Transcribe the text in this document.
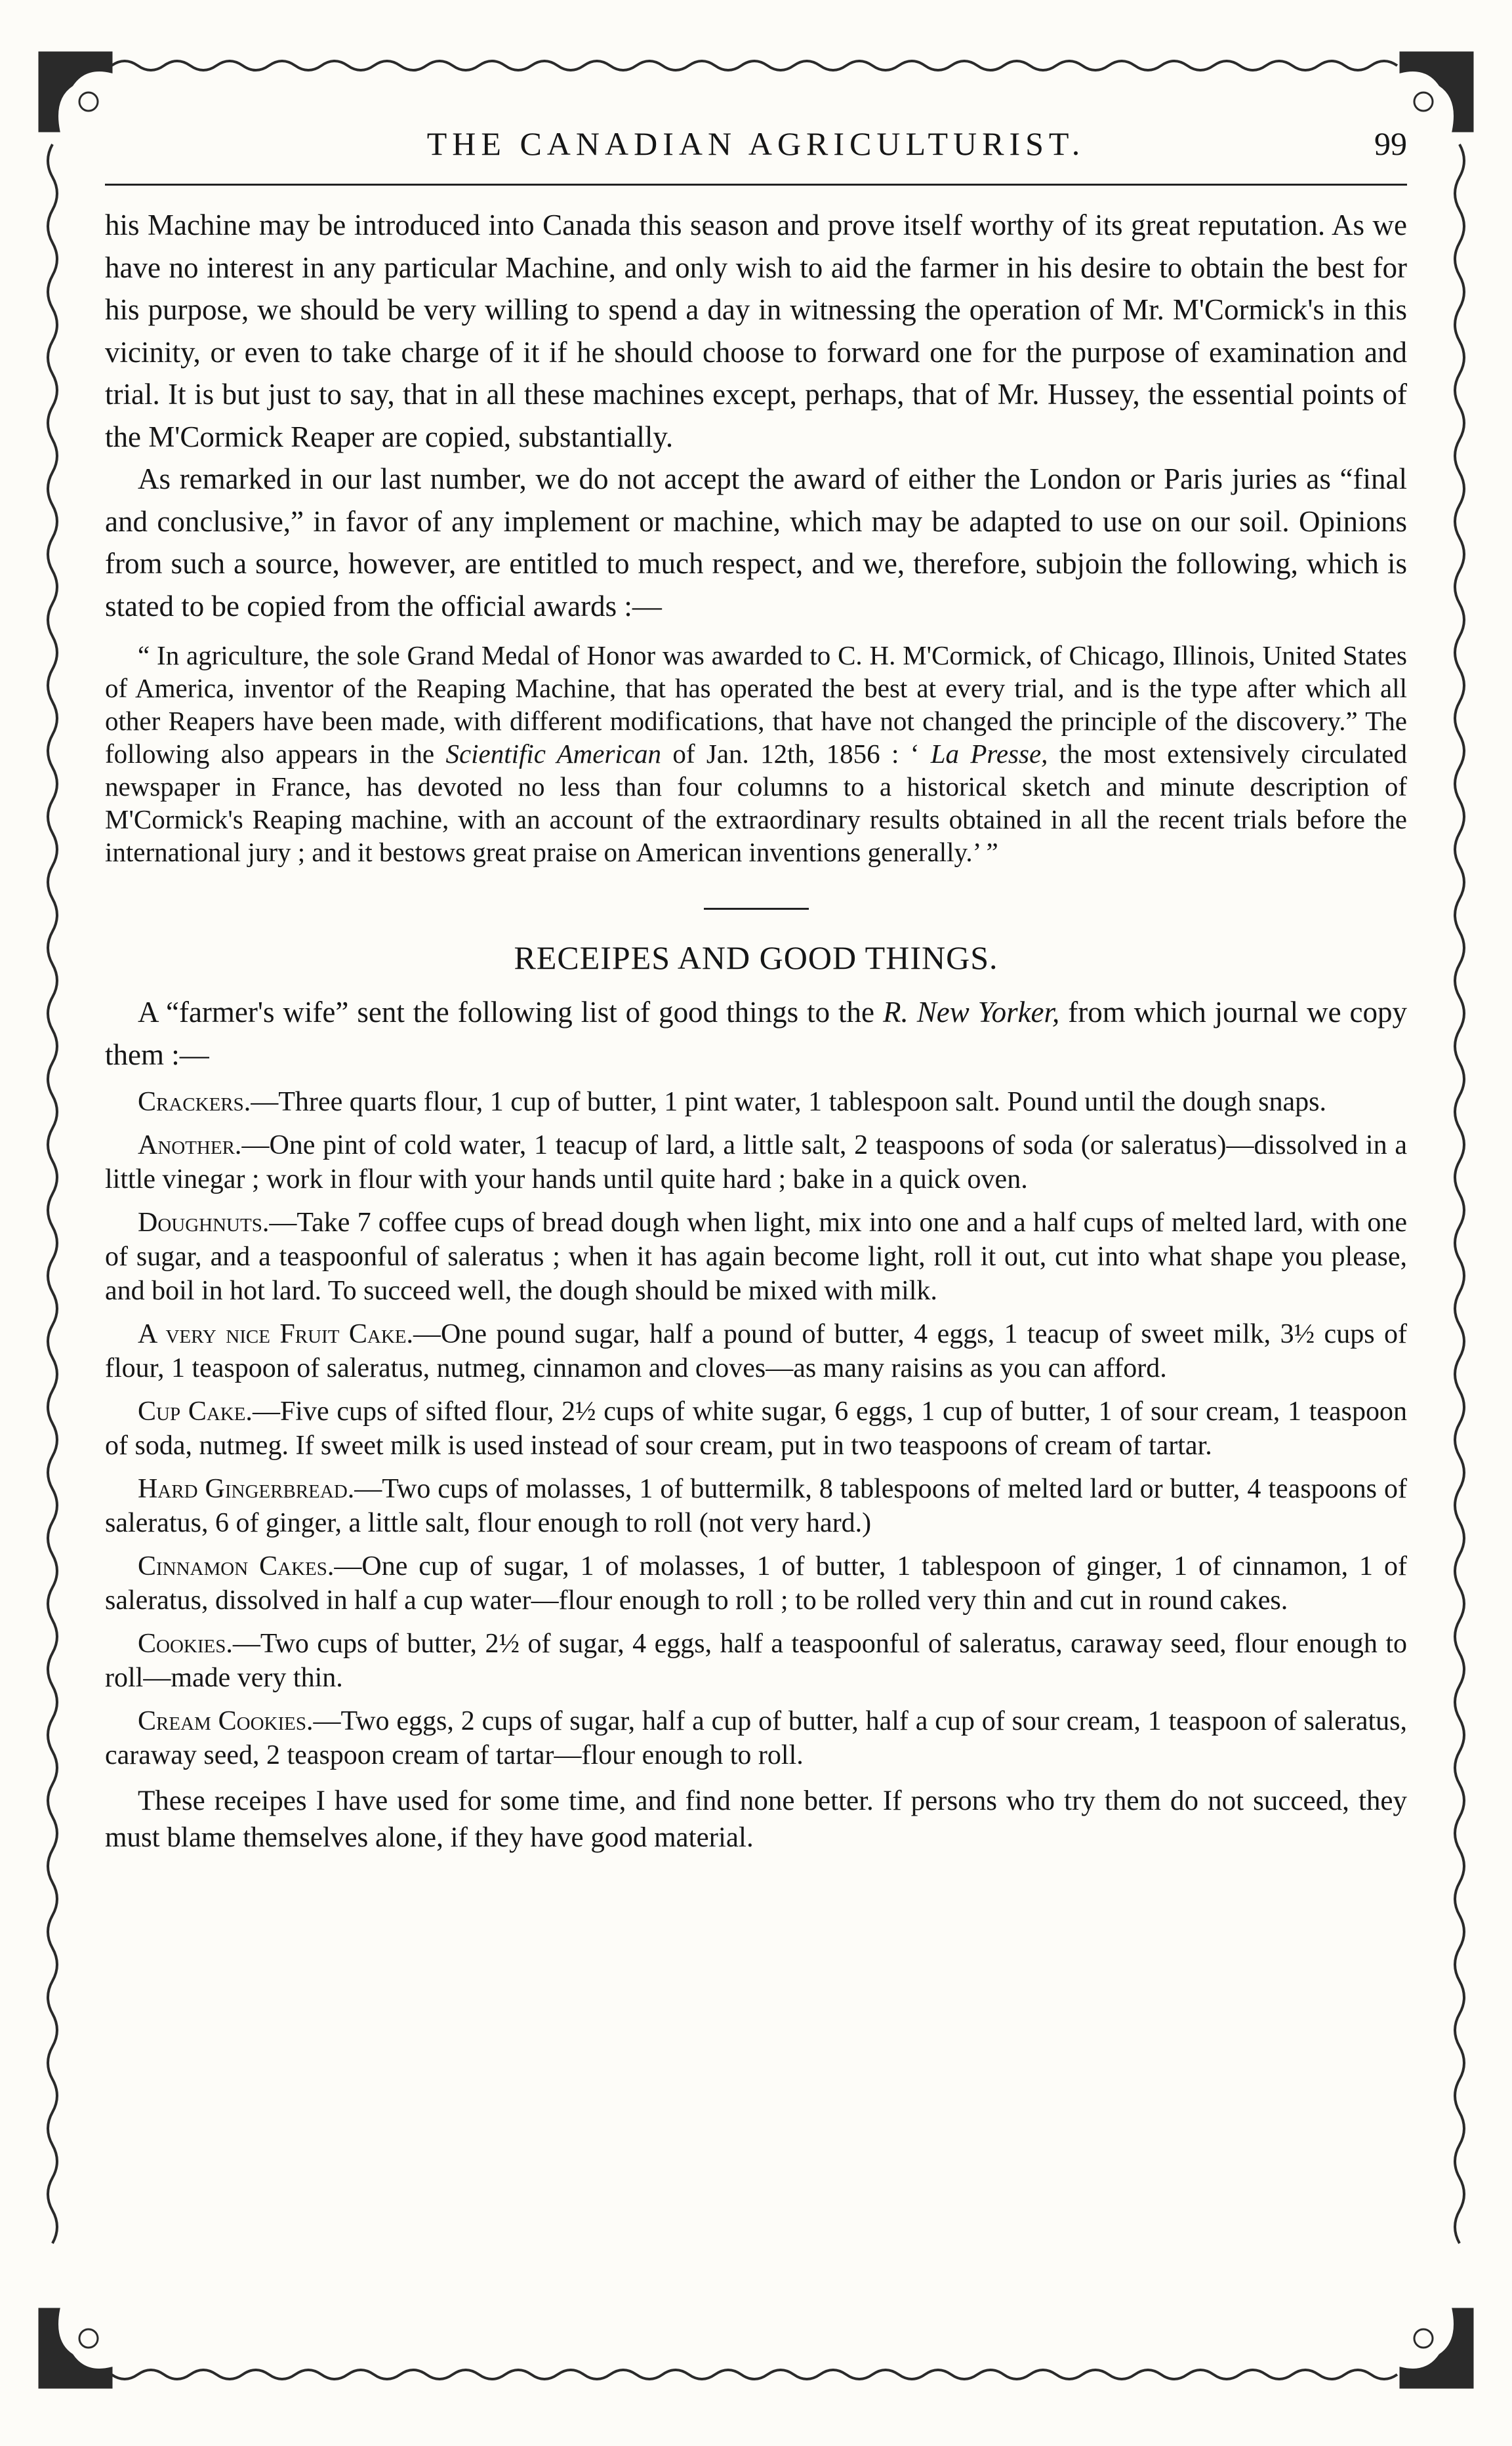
THE CANADIAN AGRICULTURIST.	99

his Machine may be introduced into Canada this season and prove itself worthy of its great reputation. As we have no interest in any particular Machine, and only wish to aid the farmer in his desire to obtain the best for his purpose, we should be very willing to spend a day in witnessing the operation of Mr. M'Cormick's in this vicinity, or even to take charge of it if he should choose to forward one for the purpose of examination and trial. It is but just to say, that in all these machines except, perhaps, that of Mr. Hussey, the essential points of the M'Cormick Reaper are copied, substantially.

As remarked in our last number, we do not accept the award of either the London or Paris juries as “final and conclusive,” in favor of any implement or machine, which may be adapted to use on our soil. Opinions from such a source, however, are entitled to much respect, and we, therefore, subjoin the following, which is stated to be copied from the official awards :—

“ In agriculture, the sole Grand Medal of Honor was awarded to C. H. M'Cormick, of Chicago, Illinois, United States of America, inventor of the Reaping Machine, that has operated the best at every trial, and is the type after which all other Reapers have been made, with different modifications, that have not changed the principle of the discovery.” The following also appears in the Scientific American of Jan. 12th, 1856 : ‘ La Presse, the most extensively circulated newspaper in France, has devoted no less than four columns to a historical sketch and minute description of M'Cormick's Reaping machine, with an account of the extraordinary results obtained in all the recent trials before the international jury ; and it bestows great praise on American inventions generally.’ ”

RECEIPES AND GOOD THINGS.

A “farmer's wife” sent the following list of good things to the R. New Yorker, from which journal we copy them :—

Crackers.—Three quarts flour, 1 cup of butter, 1 pint water, 1 tablespoon salt. Pound until the dough snaps.

Another.—One pint of cold water, 1 teacup of lard, a little salt, 2 teaspoons of soda (or saleratus)—dissolved in a little vinegar ; work in flour with your hands until quite hard ; bake in a quick oven.

Doughnuts.—Take 7 coffee cups of bread dough when light, mix into one and a half cups of melted lard, with one of sugar, and a teaspoonful of saleratus ; when it has again become light, roll it out, cut into what shape you please, and boil in hot lard. To succeed well, the dough should be mixed with milk.

A very nice Fruit Cake.—One pound sugar, half a pound of butter, 4 eggs, 1 teacup of sweet milk, 3½ cups of flour, 1 teaspoon of saleratus, nutmeg, cinnamon and cloves—as many raisins as you can afford.

Cup Cake.—Five cups of sifted flour, 2½ cups of white sugar, 6 eggs, 1 cup of butter, 1 of sour cream, 1 teaspoon of soda, nutmeg. If sweet milk is used instead of sour cream, put in two teaspoons of cream of tartar.

Hard Gingerbread.—Two cups of molasses, 1 of buttermilk, 8 tablespoons of melted lard or butter, 4 teaspoons of saleratus, 6 of ginger, a little salt, flour enough to roll (not very hard.)

Cinnamon Cakes.—One cup of sugar, 1 of molasses, 1 of butter, 1 tablespoon of ginger, 1 of cinnamon, 1 of saleratus, dissolved in half a cup water—flour enough to roll ; to be rolled very thin and cut in round cakes.

Cookies.—Two cups of butter, 2½ of sugar, 4 eggs, half a teaspoonful of saleratus, caraway seed, flour enough to roll—made very thin.

Cream Cookies.—Two eggs, 2 cups of sugar, half a cup of butter, half a cup of sour cream, 1 teaspoon of saleratus, caraway seed, 2 teaspoon cream of tartar—flour enough to roll.

These receipes I have used for some time, and find none better. If persons who try them do not succeed, they must blame themselves alone, if they have good material.
